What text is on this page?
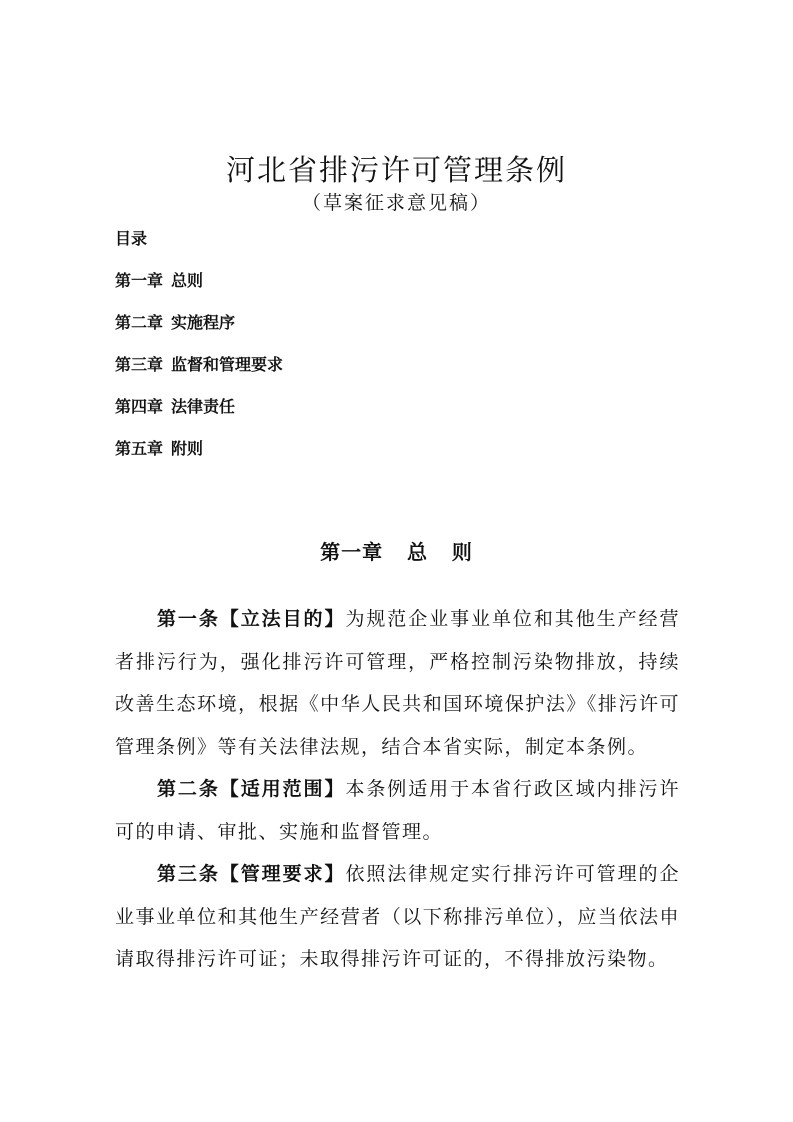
河北省排污许可管理条例
（草案征求意见稿）
目录
第一章 总则
第二章 实施程序
第三章 监督和管理要求
第四章 法律责任
第五章 附则
第一章   总   则

第一条【立法目的】为规范企业事业单位和其他生产经营者排污行为，强化排污许可管理，严格控制污染物排放，持续改善生态环境，根据《中华人民共和国环境保护法》《排污许可管理条例》等有关法律法规，结合本省实际，制定本条例。

第二条【适用范围】本条例适用于本省行政区域内排污许可的申请、审批、实施和监督管理。

第三条【管理要求】依照法律规定实行排污许可管理的企业事业单位和其他生产经营者（以下称排污单位），应当依法申请取得排污许可证；未取得排污许可证的，不得排放污染物。
